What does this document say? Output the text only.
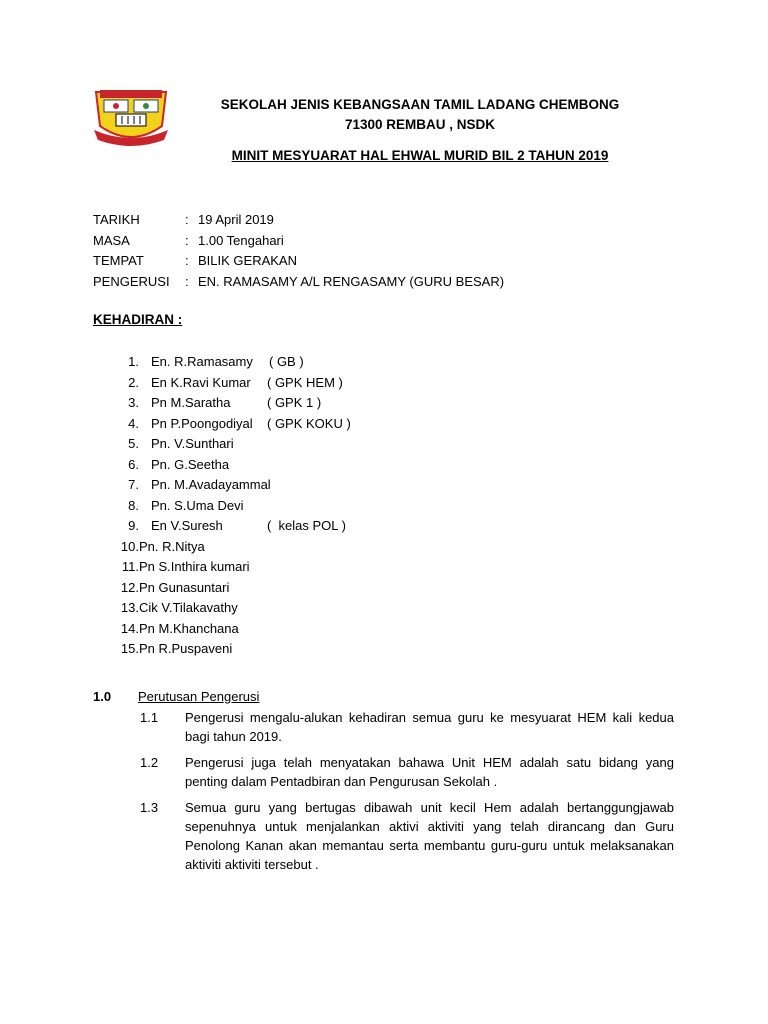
SEKOLAH JENIS KEBANGSAAN TAMIL LADANG CHEMBONG
71300 REMBAU , NSDK
MINIT MESYUARAT HAL EHWAL MURID BIL 2 TAHUN 2019
TARIKH	: 19 April 2019
MASA	: 1.00 Tengahari
TEMPAT	: BILIK GERAKAN
PENGERUSI	: EN. RAMASAMY A/L RENGASAMY (GURU BESAR)
KEHADIRAN :
1. En. R.Ramasamy	( GB )
2. En K.Ravi Kumar	( GPK HEM )
3. Pn M.Saratha	( GPK 1 )
4. Pn P.Poongodiyal	( GPK KOKU )
5. Pn. V.Sunthari
6. Pn. G.Seetha
7. Pn. M.Avadayammal
8. Pn. S.Uma Devi
9. En V.Suresh	(  kelas POL )
10. Pn. R.Nitya
11. Pn S.Inthira kumari
12. Pn Gunasuntari
13. Cik V.Tilakavathy
14. Pn M.Khanchana
15. Pn R.Puspaveni
1.0	Perutusan Pengerusi
1.1	Pengerusi mengalu-alukan kehadiran semua guru ke mesyuarat HEM kali kedua bagi tahun 2019.
1.2	Pengerusi juga telah menyatakan bahawa Unit HEM adalah satu bidang yang penting dalam Pentadbiran dan Pengurusan Sekolah .
1.3	Semua guru yang bertugas dibawah unit kecil Hem adalah bertanggungjawab sepenuhnya untuk menjalankan aktivi aktiviti yang telah dirancang dan Guru Penolong Kanan akan memantau serta membantu guru-guru untuk melaksanakan aktiviti aktiviti tersebut .
